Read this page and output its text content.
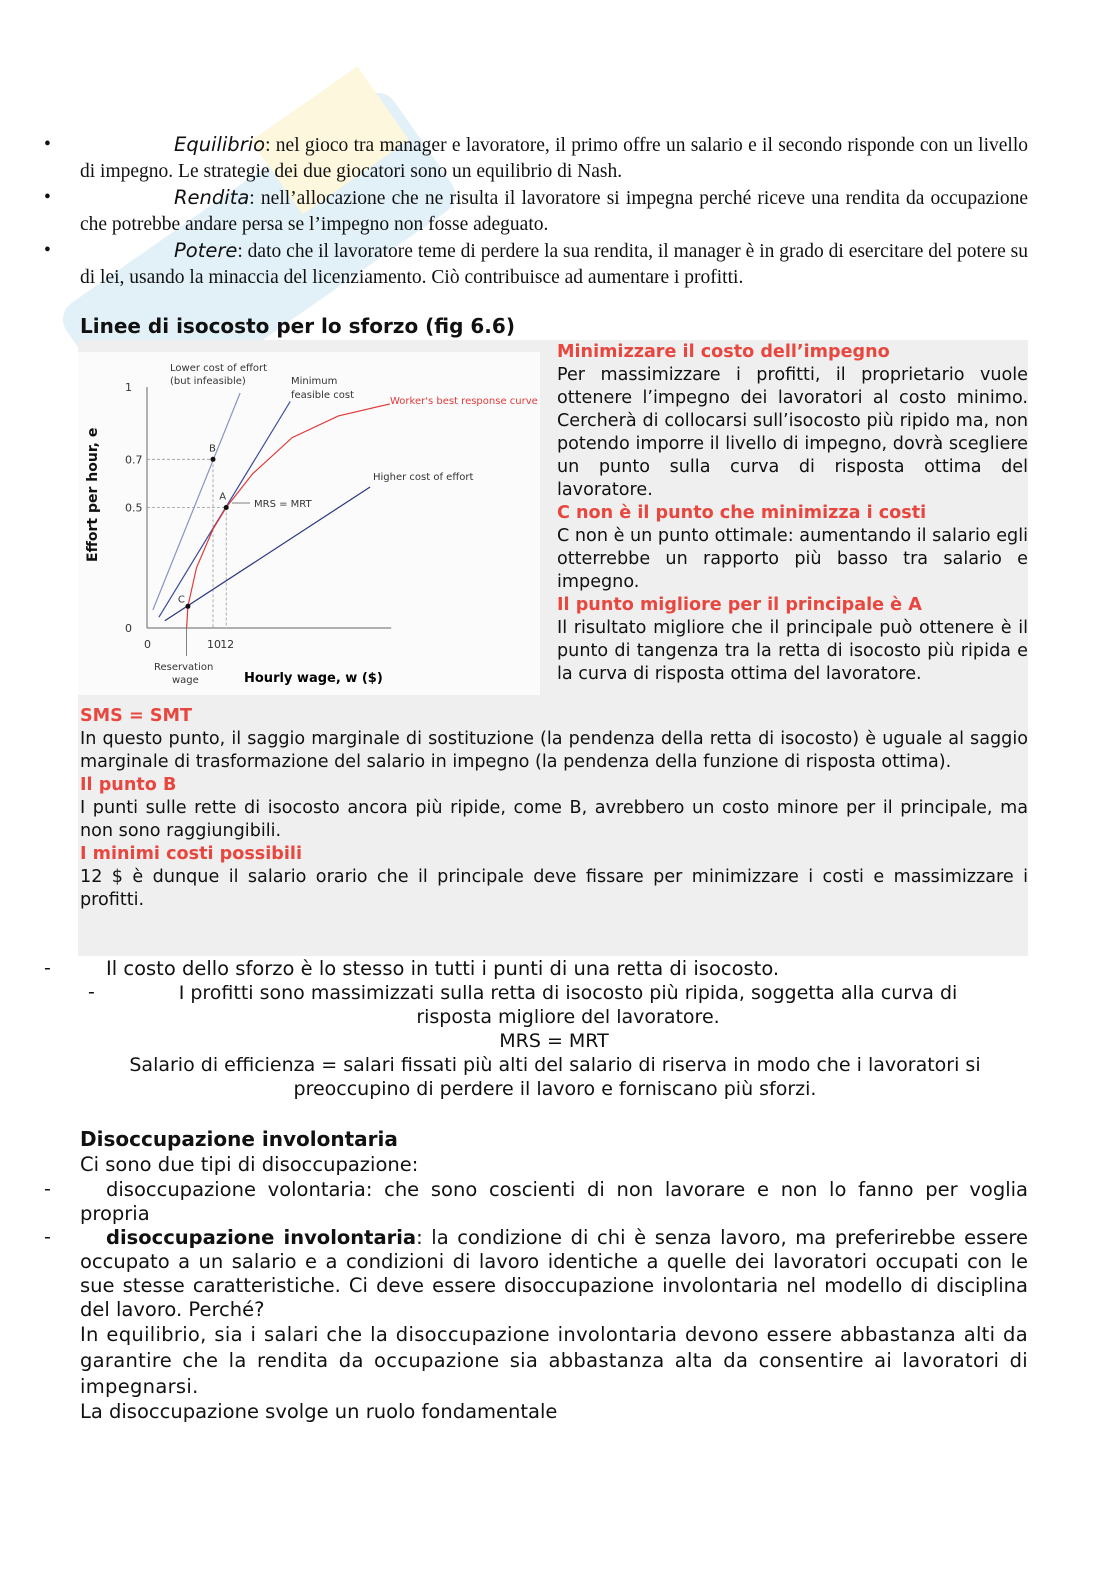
•	Equilibrio: nel gioco tra manager e lavoratore, il primo offre un salario e il secondo risponde con un livello di impegno. Le strategie dei due giocatori sono un equilibrio di Nash.
•	Rendita: nell’allocazione che ne risulta il lavoratore si impegna perché riceve una rendita da occupazione che potrebbe andare persa se l’impegno non fosse adeguato.
•	Potere: dato che il lavoratore teme di perdere la sua rendita, il manager è in grado di esercitare del potere su di lei, usando la minaccia del licenziamento. Ciò contribuisce ad aumentare i profitti.
Linee di isocosto per lo sforzo (fig 6.6)
0
0.5
0.7
1
0	10 12
A
B
C
Effort per hour, e
Hourly wage, w ($)
Lower cost of effort
(but infeasible)	Minimum
feasible cost
Worker's best response curve
Higher cost of effort
MRS = MRT
Reservation wage
Minimizzare il costo dell’impegno
Per massimizzare i profitti, il proprietario vuole ottenere l’impegno dei lavoratori al costo minimo. Cercherà di collocarsi sull’isocosto più ripido ma, non potendo imporre il livello di impegno, dovrà scegliere un punto sulla curva di risposta ottima del lavoratore.
C non è il punto che minimizza i costi
C non è un punto ottimale: aumentando il salario egli otterrebbe un rapporto più basso tra salario e impegno.
Il punto migliore per il principale è A
Il risultato migliore che il principale può ottenere è il punto di tangenza tra la retta di isocosto più ripida e la curva di risposta ottima del lavoratore.
SMS = SMT
In questo punto, il saggio marginale di sostituzione (la pendenza della retta di isocosto) è uguale al saggio marginale di trasformazione del salario in impegno (la pendenza della funzione di risposta ottima).
Il punto B
I punti sulle rette di isocosto ancora più ripide, come B, avrebbero un costo minore per il principale, ma non sono raggiungibili.
I minimi costi possibili
12 $ è dunque il salario orario che il principale deve fissare per minimizzare i costi e massimizzare i profitti.
-	Il costo dello sforzo è lo stesso in tutti i punti di una retta di isocosto.
-	I profitti sono massimizzati sulla retta di isocosto più ripida, soggetta alla curva di risposta migliore del lavoratore.
MRS = MRT
Salario di efficienza = salari fissati più alti del salario di riserva in modo che i lavoratori si preoccupino di perdere il lavoro e forniscano più sforzi.
Disoccupazione involontaria
Ci sono due tipi di disoccupazione:
-	disoccupazione volontaria: che sono coscienti di non lavorare e non lo fanno per voglia propria
-	disoccupazione involontaria: la condizione di chi è senza lavoro, ma preferirebbe essere occupato a un salario e a condizioni di lavoro identiche a quelle dei lavoratori occupati con le sue stesse caratteristiche. Ci deve essere disoccupazione involontaria nel modello di disciplina del lavoro. Perché?
In equilibrio, sia i salari che la disoccupazione involontaria devono essere abbastanza alti da garantire che la rendita da occupazione sia abbastanza alta da consentire ai lavoratori di impegnarsi.
La disoccupazione svolge un ruolo fondamentale
